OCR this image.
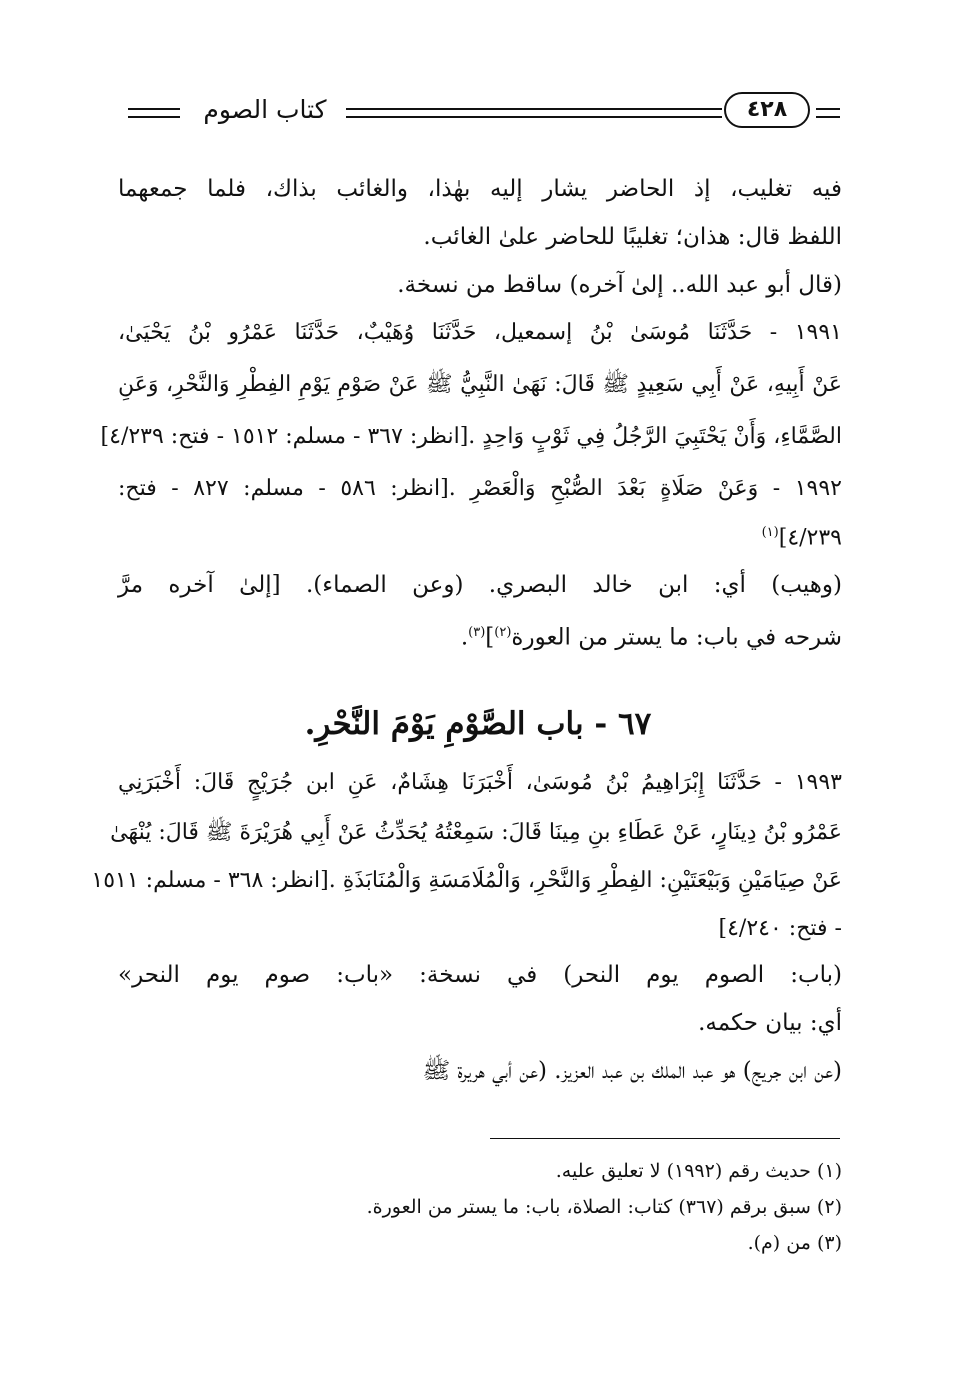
كتاب الصوم	٤٢٨
فيه تغليب، إذ الحاضر يشار إليه بهٰذا، والغائب بذاك، فلما جمعهما
اللفظ قال: هذان؛ تغليبًا للحاضر علىٰ الغائب.
(قال أبو عبد الله.. إلىٰ آخره) ساقط من نسخة.
١٩٩١ - حَدَّثَنَا مُوسَىٰ بْنُ إسمعيل، حَدَّثَنَا وُهَيْبٌ، حَدَّثَنَا عَمْرُو بْنُ يَحْيَىٰ،
عَنْ أَبِيهِ، عَنْ أَبِي سَعِيدٍ ﷺ قَالَ: نَهَىٰ النَّبِيُّ ﷺ عَنْ صَوْمِ يَوْمِ الفِطْرِ وَالنَّحْرِ، وَعَنِ
الصَّمَّاءِ، وَأَنْ يَحْتَبِيَ الرَّجُلُ فِي ثَوْبٍ وَاحِدٍ .[انظر: ٣٦٧ - مسلم: ١٥١٢ - فتح: ٤/٢٣٩]
١٩٩٢ - وَعَنْ صَلَاةٍ بَعْدَ الصُّبْحِ وَالْعَصْرِ .[انظر: ٥٨٦ - مسلم: ٨٢٧ - فتح:
٤/٢٣٩]$^{(١)}$
(وهيب) أي: ابن خالد البصري. (وعن الصماء). [إلىٰ آخره مرَّ
شرحه في باب: ما يستر من العورة$^{(٢)}$]$^{(٣)}$.
٦٧ - باب الصَّوْمِ يَوْمَ النَّحْرِ.
١٩٩٣ - حَدَّثَنَا إِبْرَاهِيمُ بْنُ مُوسَىٰ، أَخْبَرَنَا هِشَامٌ، عَنِ ابن جُرَيْجٍ قَالَ: أَخْبَرَنِي
عَمْرُو بْنُ دِينَارٍ، عَنْ عَطَاءِ بنِ مِينَا قَالَ: سَمِعْتُهُ يُحَدِّثُ عَنْ أَبِي هُرَيْرَةَ ﷺ قَالَ: يُنْهَىٰ
عَنْ صِيَامَيْنِ وَبَيْعَتَيْنِ: الفِطْرِ وَالنَّحْرِ، وَالْمُلَامَسَةِ وَالْمُنَابَذَةِ .[انظر: ٣٦٨ - مسلم: ١٥١١
- فتح: ٤/٢٤٠]
(باب: الصوم يوم النحر) في نسخة: «باب: صوم يوم النحر»
أي: بيان حكمه.
(عن ابن جريج) هو عبد الملك بن عبد العزيز. (عن أبي هريرة ﷺ
(١) حديث رقم (١٩٩٢) لا تعليق عليه.
(٢) سبق برقم (٣٦٧) كتاب: الصلاة، باب: ما يستر من العورة.
(٣) من (م).
